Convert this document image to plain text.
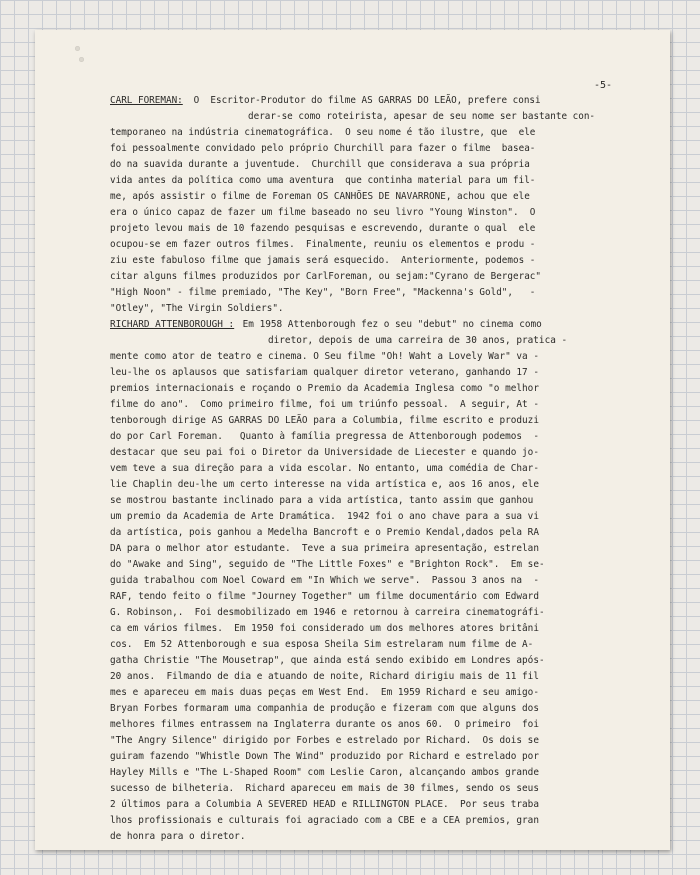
-5-
CARL FOREMAN: O  Escritor-Produtor do filme AS GARRAS DO LEÃO, prefere consi
derar-se como roteirista, apesar de seu nome ser bastante con-
temporaneo na indústria cinematográfica.  O seu nome é tão ilustre, que  ele
foi pessoalmente convidado pelo próprio Churchill para fazer o filme  basea-
do na suavida durante a juventude.  Churchill que considerava a sua própria
vida antes da política como uma aventura  que continha material para um fil-
me, após assistir o filme de Foreman OS CANHÕES DE NAVARRONE, achou que ele
era o único capaz de fazer um filme baseado no seu livro "Young Winston".  O
projeto levou mais de 10 fazendo pesquisas e escrevendo, durante o qual  ele
ocupou-se em fazer outros filmes.  Finalmente, reuniu os elementos e produ -
ziu este fabuloso filme que jamais será esquecido.  Anteriormente, podemos -
citar alguns filmes produzidos por CarlForeman, ou sejam:"Cyrano de Bergerac"
"High Noon" - filme premiado, "The Key", "Born Free", "Mackenna's Gold",   -
"Otley", "The Virgin Soldiers".
RICHARD ATTENBOROUGH : Em 1958 Attenborough fez o seu "debut" no cinema como
diretor, depois de uma carreira de 30 anos, pratica -
mente como ator de teatro e cinema. O Seu filme "Oh! Waht a Lovely War" va -
leu-lhe os aplausos que satisfariam qualquer diretor veterano, ganhando 17 -
premios internacionais e roçando o Premio da Academia Inglesa como "o melhor
filme do ano".  Como primeiro filme, foi um triúnfo pessoal.  A seguir, At -
tenborough dirige AS GARRAS DO LEÃO para a Columbia, filme escrito e produzi
do por Carl Foreman.   Quanto à família pregressa de Attenborough podemos  -
destacar que seu pai foi o Diretor da Universidade de Liecester e quando jo-
vem teve a sua direção para a vida escolar. No entanto, uma comédia de Char-
lie Chaplin deu-lhe um certo interesse na vida artística e, aos 16 anos, ele
se mostrou bastante inclinado para a vida artística, tanto assim que ganhou
um premio da Academia de Arte Dramática.  1942 foi o ano chave para a sua vi
da artística, pois ganhou a Medelha Bancroft e o Premio Kendal,dados pela RA
DA para o melhor ator estudante.  Teve a sua primeira apresentação, estrelan
do "Awake and Sing", seguido de "The Little Foxes" e "Brighton Rock".  Em se-
guida trabalhou com Noel Coward em "In Which we serve".  Passou 3 anos na  -
RAF, tendo feito o filme "Journey Together" um filme documentário com Edward
G. Robinson,.  Foi desmobilizado em 1946 e retornou à carreira cinematográfi-
ca em vários filmes.  Em 1950 foi considerado um dos melhores atores britâni
cos.  Em 52 Attenborough e sua esposa Sheila Sim estrelaram num filme de A-
gatha Christie "The Mousetrap", que ainda está sendo exibido em Londres após-
20 anos.  Filmando de dia e atuando de noite, Richard dirigiu mais de 11 fil
mes e apareceu em mais duas peças em West End.  Em 1959 Richard e seu amigo-
Bryan Forbes formaram uma companhia de produção e fizeram com que alguns dos
melhores filmes entrassem na Inglaterra durante os anos 60.  O primeiro  foi
"The Angry Silence" dirigido por Forbes e estrelado por Richard.  Os dois se
guiram fazendo "Whistle Down The Wind" produzido por Richard e estrelado por
Hayley Mills e "The L-Shaped Room" com Leslie Caron, alcançando ambos grande
sucesso de bilheteria.  Richard apareceu em mais de 30 filmes, sendo os seus
2 últimos para a Columbia A SEVERED HEAD e RILLINGTON PLACE.  Por seus traba
lhos profissionais e culturais foi agraciado com a CBE e a CEA premios, gran
de honra para o diretor.
